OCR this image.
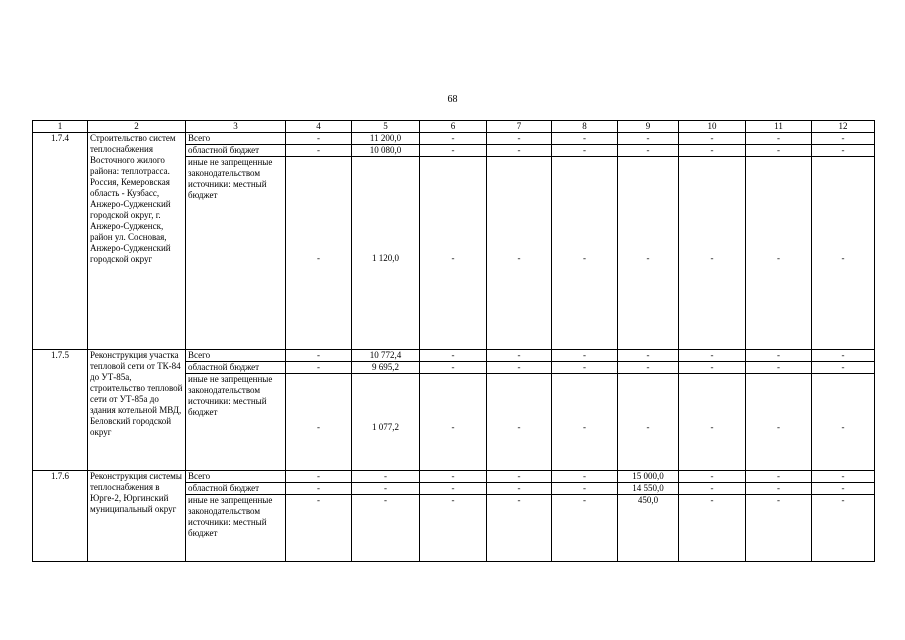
68
1	2	3	4	5	6	7	8	9	10	11	12
1.7.4	Строительство систем теплоснабжения Восточного жилого района: теплотрасса. Россия, Кемеровская область - Кузбасс, Анжеро-Судженский городской округ, г. Анжеро-Судженск, район ул. Сосновая, Анжеро-Судженский городской округ	Всего	-	11 200,0	-	-	-	-	-	-	-
		областной бюджет	-	10 080,0	-	-	-	-	-	-	-
		иные не запрещенные законодательством источники: местный бюджет	-	1 120,0	-	-	-	-	-	-	-
1.7.5	Реконструкция участка тепловой сети от ТК-84 до УТ-85а, строительство тепловой сети от УТ-85а до здания котельной МВД, Беловский городской округ	Всего	-	10 772,4	-	-	-	-	-	-	-
		областной бюджет	-	9 695,2	-	-	-	-	-	-	-
		иные не запрещенные законодательством источники: местный бюджет	-	1 077,2	-	-	-	-	-	-	-
1.7.6	Реконструкция системы теплоснабжения в Юрге-2, Юргинский муниципальный округ	Всего	-	-	-	-	-	15 000,0	-	-	-
		областной бюджет	-	-	-	-	-	14 550,0	-	-	-
		иные не запрещенные законодательством источники: местный бюджет	-	-	-	-	-	450,0	-	-	-
